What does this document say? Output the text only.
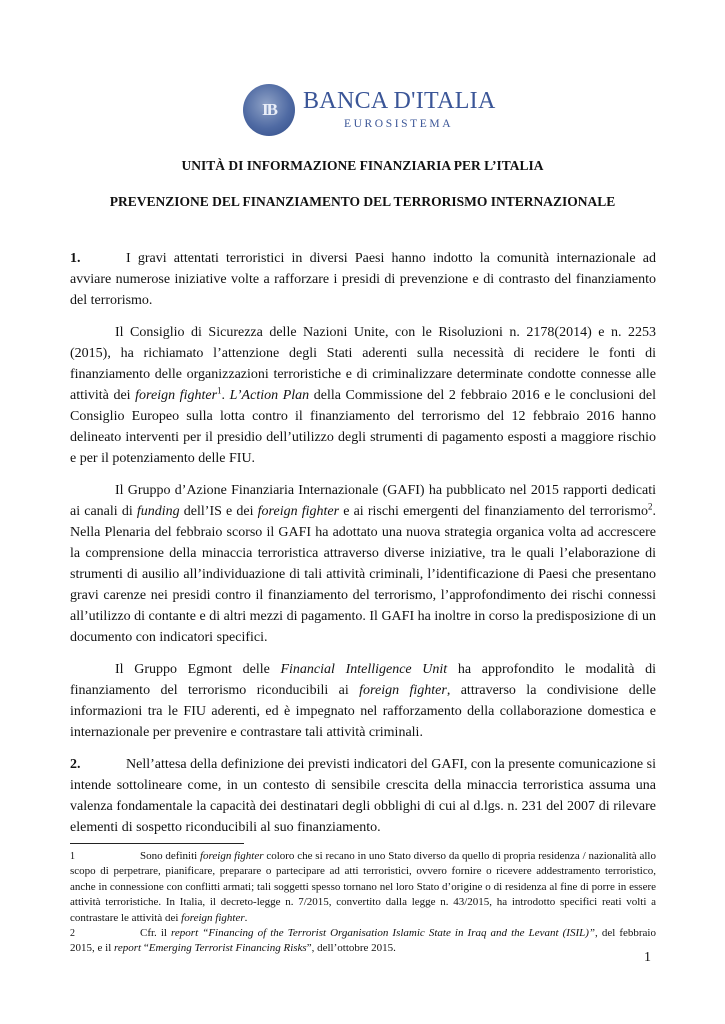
IB	BANCA D'ITALIA
EUROSISTEMA
UNITÀ DI INFORMAZIONE FINANZIARIA PER L’ITALIA
PREVENZIONE DEL FINANZIAMENTO DEL TERRORISMO INTERNAZIONALE

1.	I gravi attentati terroristici in diversi Paesi hanno indotto la comunità internazionale ad avviare numerose iniziative volte a rafforzare i presidi di prevenzione e di contrasto del finanziamento del terrorismo.

Il Consiglio di Sicurezza delle Nazioni Unite, con le Risoluzioni n. 2178(2014) e n. 2253 (2015), ha richiamato l’attenzione degli Stati aderenti sulla necessità di recidere le fonti di finanziamento delle organizzazioni terroristiche e di criminalizzare determinate condotte connesse alle attività dei foreign fighter$^1$. L’Action Plan della Commissione del 2 febbraio 2016 e le conclusioni del Consiglio Europeo sulla lotta contro il finanziamento del terrorismo del 12 febbraio 2016 hanno delineato interventi per il presidio dell’utilizzo degli strumenti di pagamento esposti a maggiore rischio e per il potenziamento delle FIU.

Il Gruppo d’Azione Finanziaria Internazionale (GAFI) ha pubblicato nel 2015 rapporti dedicati ai canali di funding dell’IS e dei foreign fighter e ai rischi emergenti del finanziamento del terrorismo$^2$. Nella Plenaria del febbraio scorso il GAFI ha adottato una nuova strategia organica volta ad accrescere la comprensione della minaccia terroristica attraverso diverse iniziative, tra le quali l’elaborazione di strumenti di ausilio all’individuazione di tali attività criminali, l’identificazione di Paesi che presentano gravi carenze nei presidi contro il finanziamento del terrorismo, l’approfondimento dei rischi connessi all’utilizzo di contante e di altri mezzi di pagamento. Il GAFI ha inoltre in corso la predisposizione di un documento con indicatori specifici.

Il Gruppo Egmont delle Financial Intelligence Unit ha approfondito le modalità di finanziamento del terrorismo riconducibili ai foreign fighter, attraverso la condivisione delle informazioni tra le FIU aderenti, ed è impegnato nel rafforzamento della collaborazione domestica e internazionale per prevenire e contrastare tali attività criminali.

2.	Nell’attesa della definizione dei previsti indicatori del GAFI, con la presente comunicazione si intende sottolineare come, in un contesto di sensibile crescita della minaccia terroristica assuma una valenza fondamentale la capacità dei destinatari degli obblighi di cui al d.lgs. n. 231 del 2007 di rilevare elementi di sospetto riconducibili al suo finanziamento.

1	Sono definiti foreign fighter coloro che si recano in uno Stato diverso da quello di propria residenza / nazionalità allo scopo di perpetrare, pianificare, preparare o partecipare ad atti terroristici, ovvero fornire o ricevere addestramento terroristico, anche in connessione con conflitti armati; tali soggetti spesso tornano nel loro Stato d’origine o di residenza al fine di porre in essere attività terroristiche. In Italia, il decreto-legge n. 7/2015, convertito dalla legge n. 43/2015, ha introdotto specifici reati volti a contrastare le attività dei foreign fighter.

2	Cfr. il report “Financing of the Terrorist Organisation Islamic State in Iraq and the Levant (ISIL)”, del febbraio 2015, e il report “Emerging Terrorist Financing Risks”, dell’ottobre 2015.

1
